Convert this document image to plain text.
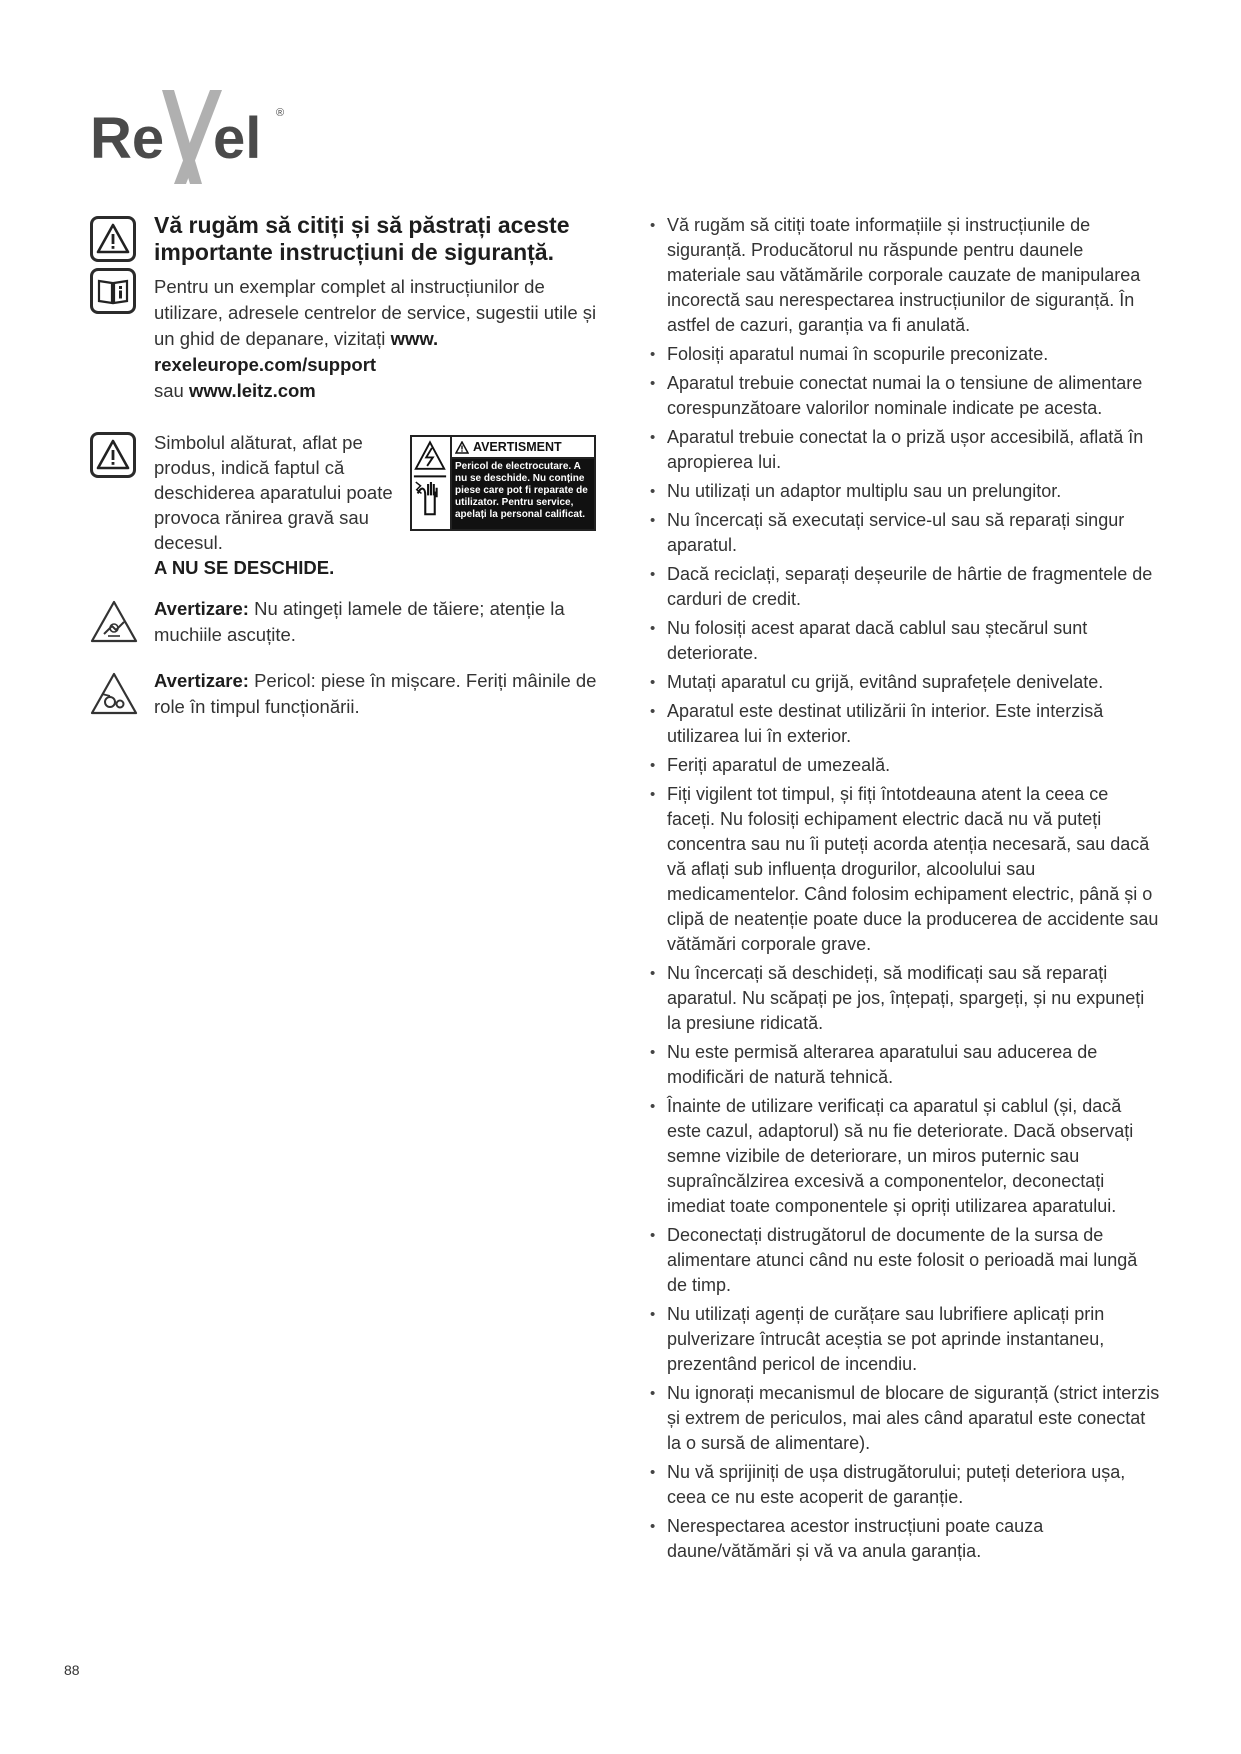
Re el ®
Vă rugăm să citiți și să păstrați aceste importante instrucțiuni de siguranță.

Pentru un exemplar complet al instrucțiunilor de utilizare, adresele centrelor de service, sugestii utile și un ghid de depanare, vizitați www. rexeleurope.com/support
sau www.leitz.com

Simbolul alăturat, aflat pe produs, indică faptul că deschiderea aparatului poate provoca rănirea gravă sau decesul.
A NU SE DESCHIDE.
AVERTISMENT
Pericol de electrocutare. A nu se deschide. Nu conține piese care pot fi reparate de utilizator. Pentru service, apelați la personal calificat.

Avertizare: Nu atingeți lamele de tăiere; atenție la muchiile ascuțite.

Avertizare: Pericol: piese în mișcare. Feriți mâinile de role în timpul funcționării.

• Vă rugăm să citiți toate informațiile și instrucțiunile de siguranță. Producătorul nu răspunde pentru daunele materiale sau vătămările corporale cauzate de manipularea incorectă sau nerespectarea instrucțiunilor de siguranță. În astfel de cazuri, garanția va fi anulată.
• Folosiți aparatul numai în scopurile preconizate.
• Aparatul trebuie conectat numai la o tensiune de alimentare corespunzătoare valorilor nominale indicate pe acesta.
• Aparatul trebuie conectat la o priză ușor accesibilă, aflată în apropierea lui.
• Nu utilizați un adaptor multiplu sau un prelungitor.
• Nu încercați să executați service-ul sau să reparați singur aparatul.
• Dacă reciclați, separați deșeurile de hârtie de fragmentele de carduri de credit.
• Nu folosiți acest aparat dacă cablul sau ștecărul sunt deteriorate.
• Mutați aparatul cu grijă, evitând suprafețele denivelate.
• Aparatul este destinat utilizării în interior. Este interzisă utilizarea lui în exterior.
• Feriți aparatul de umezeală.
• Fiți vigilent tot timpul, și fiți întotdeauna atent la ceea ce faceți. Nu folosiți echipament electric dacă nu vă puteți concentra sau nu îi puteți acorda atenția necesară, sau dacă vă aflați sub influența drogurilor, alcoolului sau medicamentelor. Când folosim echipament electric, până și o clipă de neatenție poate duce la producerea de accidente sau vătămări corporale grave.
• Nu încercați să deschideți, să modificați sau să reparați aparatul. Nu scăpați pe jos, înțepați, spargeți, și nu expuneți la presiune ridicată.
• Nu este permisă alterarea aparatului sau aducerea de modificări de natură tehnică.
• Înainte de utilizare verificați ca aparatul și cablul (și, dacă este cazul, adaptorul) să nu fie deteriorate. Dacă observați semne vizibile de deteriorare, un miros puternic sau supraîncălzirea excesivă a componentelor, deconectați imediat toate componentele și opriți utilizarea aparatului.
• Deconectați distrugătorul de documente de la sursa de alimentare atunci când nu este folosit o perioadă mai lungă de timp.
• Nu utilizați agenți de curățare sau lubrifiere aplicați prin pulverizare întrucât aceștia se pot aprinde instantaneu, prezentând pericol de incendiu.
• Nu ignorați mecanismul de blocare de siguranță (strict interzis și extrem de periculos, mai ales când aparatul este conectat la o sursă de alimentare).
• Nu vă sprijiniți de ușa distrugătorului; puteți deteriora ușa, ceea ce nu este acoperit de garanție.
• Nerespectarea acestor instrucțiuni poate cauza daune/vătămări și vă va anula garanția.
88
